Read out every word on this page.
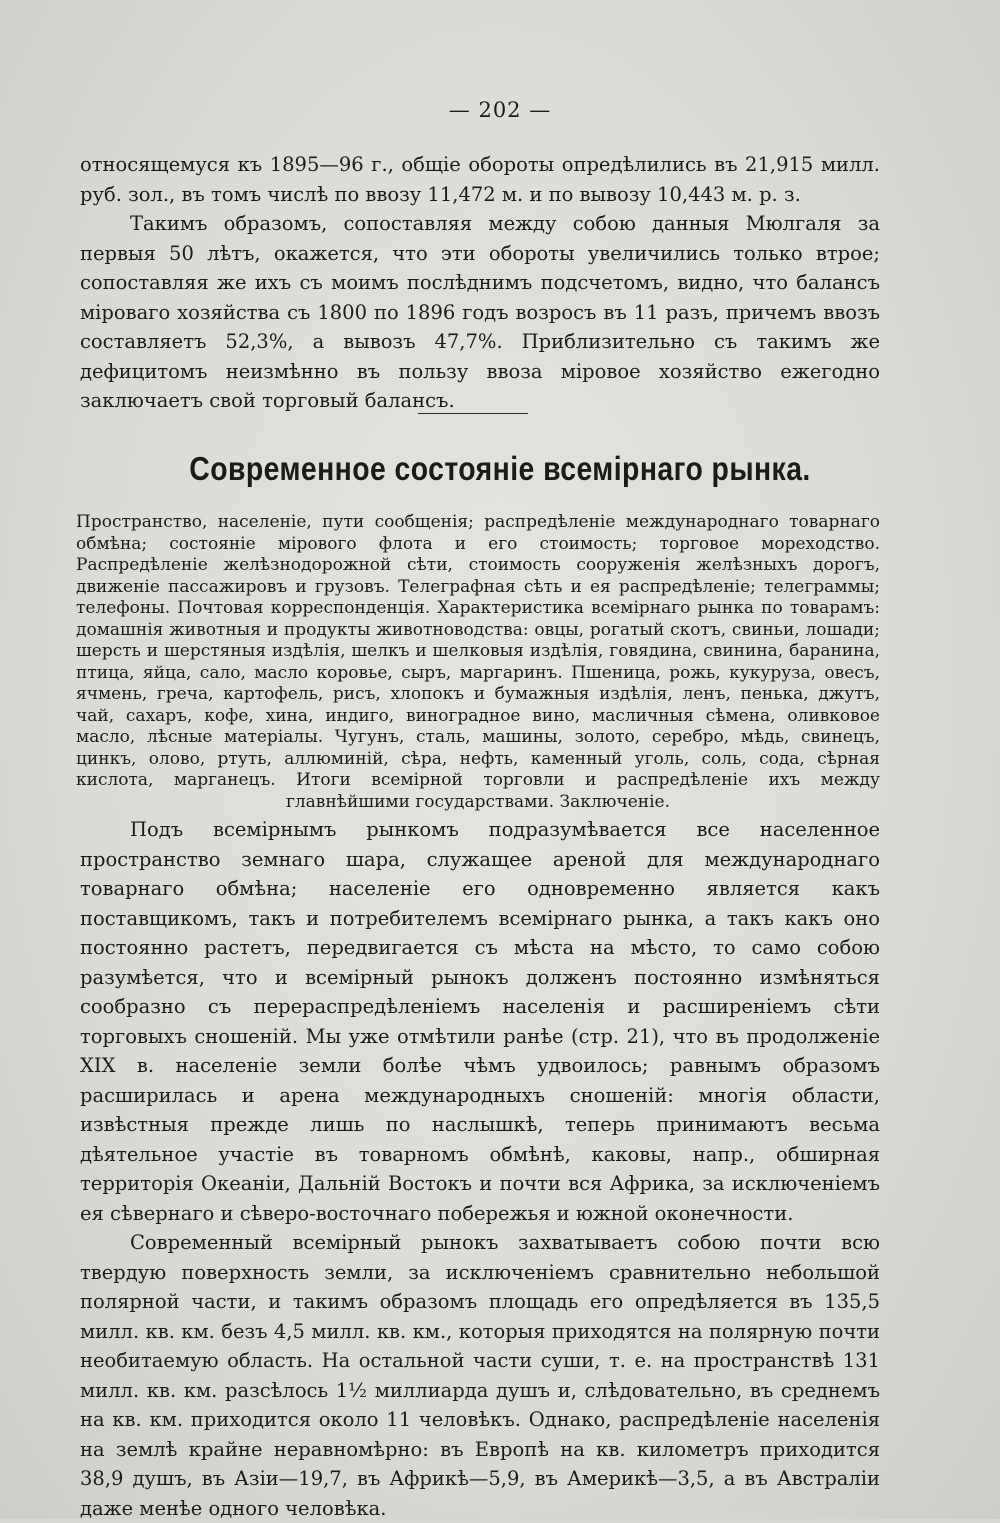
— 202 —

относящемуся къ 1895—96 г., общіе обороты опредѣлились въ 21,915 милл. руб. зол., въ томъ числѣ по ввозу 11,472 м. и по вывозу 10,443 м. р. з.

Такимъ образомъ, сопоставляя между собою данныя Мюлгаля за первыя 50 лѣтъ, окажется, что эти обороты увеличились только втрое; сопоставляя же ихъ съ моимъ послѣднимъ подсчетомъ, видно, что балансъ міроваго хозяйства съ 1800 по 1896 годъ возросъ въ 11 разъ, причемъ ввозъ составляетъ 52,3%, а вывозъ 47,7%. Приблизительно съ такимъ же дефицитомъ неизмѣнно въ пользу ввоза міровое хозяйство ежегодно заключаетъ свой торговый балансъ.

Современное состояніе всемірнаго рынка.

Пространство, населеніе, пути сообщенія; распредѣленіе международнаго товарнаго обмѣна; состояніе мірового флота и его стоимость; торговое мореходство. Распредѣленіе желѣзнодорожной сѣти, стоимость сооруженія желѣзныхъ дорогъ, движеніе пассажировъ и грузовъ. Телеграфная сѣть и ея распредѣленіе; телеграммы; телефоны. Почтовая корреспонденція. Характеристика всемірнаго рынка по товарамъ: домашнія животныя и продукты животноводства: овцы, рогатый скотъ, свиньи, лошади; шерсть и шерстяныя издѣлія, шелкъ и шелковыя издѣлія, говядина, свинина, баранина, птица, яйца, сало, масло коровье, сыръ, маргаринъ. Пшеница, рожь, кукуруза, овесъ, ячмень, греча, картофель, рисъ, хлопокъ и бумажныя издѣлія, ленъ, пенька, джутъ, чай, сахаръ, кофе, хина, индиго, виноградное вино, масличныя сѣмена, оливковое масло, лѣсные матеріалы. Чугунъ, сталь, машины, золото, серебро, мѣдь, свинецъ, цинкъ, олово, ртуть, аллюминій, сѣра, нефть, каменный уголь, соль, сода, сѣрная кислота, марганецъ. Итоги всемірной торговли и распредѣленіе ихъ между главнѣйшими государствами. Заключеніе.

Подъ всемірнымъ рынкомъ подразумѣвается все населенное пространство земнаго шара, служащее ареной для международнаго товарнаго обмѣна; населеніе его одновременно является какъ поставщикомъ, такъ и потребителемъ всемірнаго рынка, а такъ какъ оно постоянно растетъ, передвигается съ мѣста на мѣсто, то само собою разумѣется, что и всемірный рынокъ долженъ постоянно измѣняться сообразно съ перераспредѣленіемъ населенія и расширеніемъ сѣти торговыхъ сношеній. Мы уже отмѣтили ранѣе (стр. 21), что въ продолженіе XIX в. населеніе земли болѣе чѣмъ удвоилось; равнымъ образомъ расширилась и арена международныхъ сношеній: многія области, извѣстныя прежде лишь по наслышкѣ, теперь принимаютъ весьма дѣятельное участіе въ товарномъ обмѣнѣ, каковы, напр., обширная территорія Океаніи, Дальній Востокъ и почти вся Африка, за исключеніемъ ея сѣвернаго и сѣверо-восточнаго побережья и южной оконечности.

Современный всемірный рынокъ захватываетъ собою почти всю твердую поверхность земли, за исключеніемъ сравнительно небольшой полярной части, и такимъ образомъ площадь его опредѣляется въ 135,5 милл. кв. км. безъ 4,5 милл. кв. км., которыя приходятся на полярную почти необитаемую область. На остальной части суши, т. е. на пространствѣ 131 милл. кв. км. разсѣлось 1½ миллиарда душъ и, слѣдовательно, въ среднемъ на кв. км. приходится около 11 человѣкъ. Однако, распредѣленіе населенія на землѣ крайне неравномѣрно: въ Европѣ на кв. километръ приходится 38,9 душъ, въ Азіи—19,7, въ Африкѣ—5,9, въ Америкѣ—3,5, а въ Австраліи даже менѣе одного человѣка.
